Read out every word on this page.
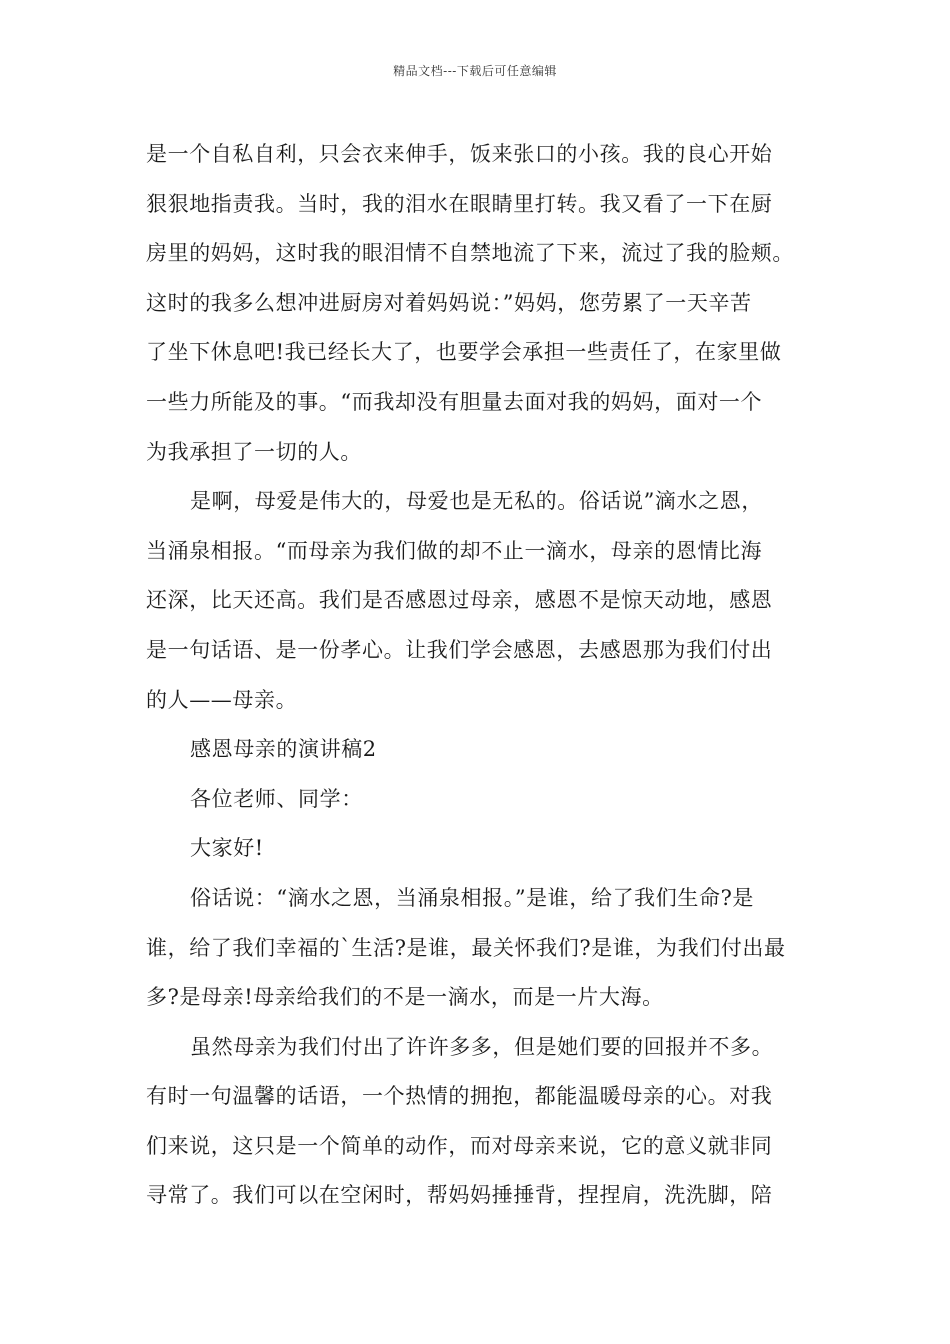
精品文档---下载后可任意编辑
是一个自私自利，只会衣来伸手，饭来张口的小孩。我的良心开始
狠狠地指责我。当时，我的泪水在眼睛里打转。我又看了一下在厨
房里的妈妈，这时我的眼泪情不自禁地流了下来，流过了我的脸颊。
这时的我多么想冲进厨房对着妈妈说：”妈妈，您劳累了一天辛苦
了坐下休息吧!我已经长大了，也要学会承担一些责任了，在家里做
一些力所能及的事。“而我却没有胆量去面对我的妈妈，面对一个
为我承担了一切的人。
是啊，母爱是伟大的，母爱也是无私的。俗话说”滴水之恩，
当涌泉相报。“而母亲为我们做的却不止一滴水，母亲的恩情比海
还深，比天还高。我们是否感恩过母亲，感恩不是惊天动地，感恩
是一句话语、是一份孝心。让我们学会感恩，去感恩那为我们付出
的人——母亲。
感恩母亲的演讲稿2
各位老师、同学：
大家好!
俗话说：“滴水之恩，当涌泉相报。”是谁，给了我们生命?是
谁，给了我们幸福的`生活?是谁，最关怀我们?是谁，为我们付出最
多?是母亲!母亲给我们的不是一滴水，而是一片大海。
虽然母亲为我们付出了许许多多，但是她们要的回报并不多。
有时一句温馨的话语，一个热情的拥抱，都能温暖母亲的心。对我
们来说，这只是一个简单的动作，而对母亲来说，它的意义就非同
寻常了。我们可以在空闲时，帮妈妈捶捶背，捏捏肩，洗洗脚，陪
